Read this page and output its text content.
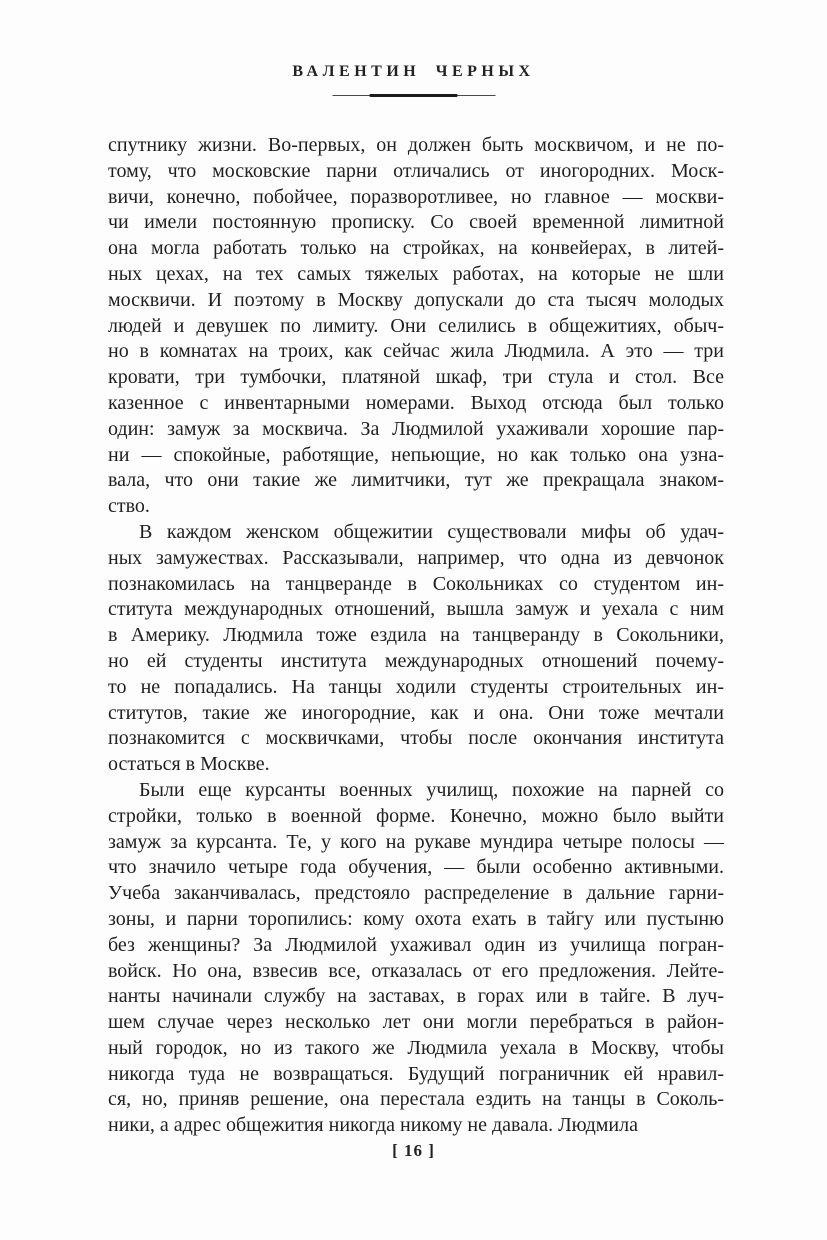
ВАЛЕНТИН ЧЕРНЫХ
спутнику жизни. Во-первых, он должен быть москвичом, и не по-
тому, что московские парни отличались от иногородних. Моск-
вичи, конечно, побойчее, поразворотливее, но главное — москви-
чи имели постоянную прописку. Со своей временной лимитной
она могла работать только на стройках, на конвейерах, в литей-
ных цехах, на тех самых тяжелых работах, на которые не шли
москвичи. И поэтому в Москву допускали до ста тысяч молодых
людей и девушек по лимиту. Они селились в общежитиях, обыч-
но в комнатах на троих, как сейчас жила Людмила. А это — три
кровати, три тумбочки, платяной шкаф, три стула и стол. Все
казенное с инвентарными номерами. Выход отсюда был только
один: замуж за москвича. За Людмилой ухаживали хорошие пар-
ни — спокойные, работящие, непьющие, но как только она узна-
вала, что они такие же лимитчики, тут же прекращала знаком-
ство.
В каждом женском общежитии существовали мифы об удач-
ных замужествах. Рассказывали, например, что одна из девчонок
познакомилась на танцверанде в Сокольниках со студентом ин-
ститута международных отношений, вышла замуж и уехала с ним
в Америку. Людмила тоже ездила на танцверанду в Сокольники,
но ей студенты института международных отношений почему-
то не попадались. На танцы ходили студенты строительных ин-
ститутов, такие же иногородние, как и она. Они тоже мечтали
познакомится с москвичками, чтобы после окончания института
остаться в Москве.
Были еще курсанты военных училищ, похожие на парней со
стройки, только в военной форме. Конечно, можно было выйти
замуж за курсанта. Те, у кого на рукаве мундира четыре полосы —
что значило четыре года обучения, — были особенно активными.
Учеба заканчивалась, предстояло распределение в дальние гарни-
зоны, и парни торопились: кому охота ехать в тайгу или пустыню
без женщины? За Людмилой ухаживал один из училища погран-
войск. Но она, взвесив все, отказалась от его предложения. Лейте-
нанты начинали службу на заставах, в горах или в тайге. В луч-
шем случае через несколько лет они могли перебраться в район-
ный городок, но из такого же Людмила уехала в Москву, чтобы
никогда туда не возвращаться. Будущий пограничник ей нравил-
ся, но, приняв решение, она перестала ездить на танцы в Соколь-
ники, а адрес общежития никогда никому не давала. Людмила
[ 16 ]
